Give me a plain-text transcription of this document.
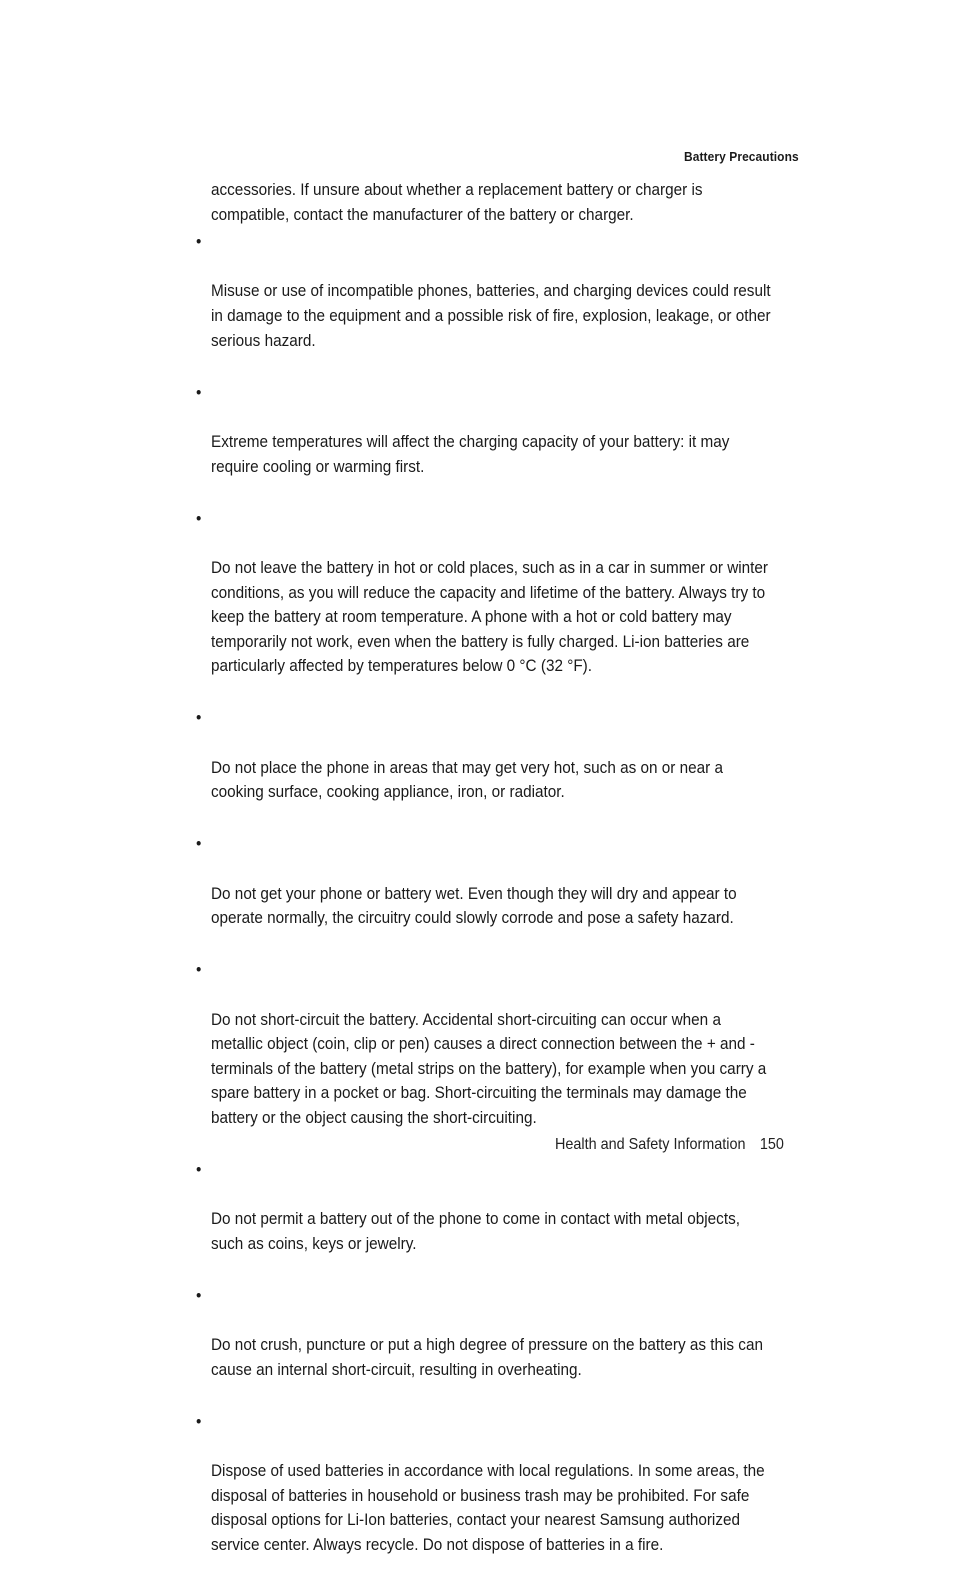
Battery Precautions

accessories. If unsure about whether a replacement battery or charger is
compatible, contact the manufacturer of the battery or charger.

•

Misuse or use of incompatible phones, batteries, and charging devices could result
in damage to the equipment and a possible risk of fire, explosion, leakage, or other
serious hazard.

•

Extreme temperatures will affect the charging capacity of your battery: it may
require cooling or warming first.

•

Do not leave the battery in hot or cold places, such as in a car in summer or winter
conditions, as you will reduce the capacity and lifetime of the battery. Always try to
keep the battery at room temperature. A phone with a hot or cold battery may
temporarily not work, even when the battery is fully charged. Li-ion batteries are
particularly affected by temperatures below 0 °C (32 °F).

•

Do not place the phone in areas that may get very hot, such as on or near a
cooking surface, cooking appliance, iron, or radiator.

•

Do not get your phone or battery wet. Even though they will dry and appear to
operate normally, the circuitry could slowly corrode and pose a safety hazard.

•

Do not short-circuit the battery. Accidental short-circuiting can occur when a
metallic object (coin, clip or pen) causes a direct connection between the + and -
terminals of the battery (metal strips on the battery), for example when you carry a
spare battery in a pocket or bag. Short-circuiting the terminals may damage the
battery or the object causing the short-circuiting.

•

Do not permit a battery out of the phone to come in contact with metal objects,
such as coins, keys or jewelry.

•

Do not crush, puncture or put a high degree of pressure on the battery as this can
cause an internal short-circuit, resulting in overheating.

•

Dispose of used batteries in accordance with local regulations. In some areas, the
disposal of batteries in household or business trash may be prohibited. For safe
disposal options for Li-Ion batteries, contact your nearest Samsung authorized
service center. Always recycle. Do not dispose of batteries in a fire.

Health and Safety Information 150
